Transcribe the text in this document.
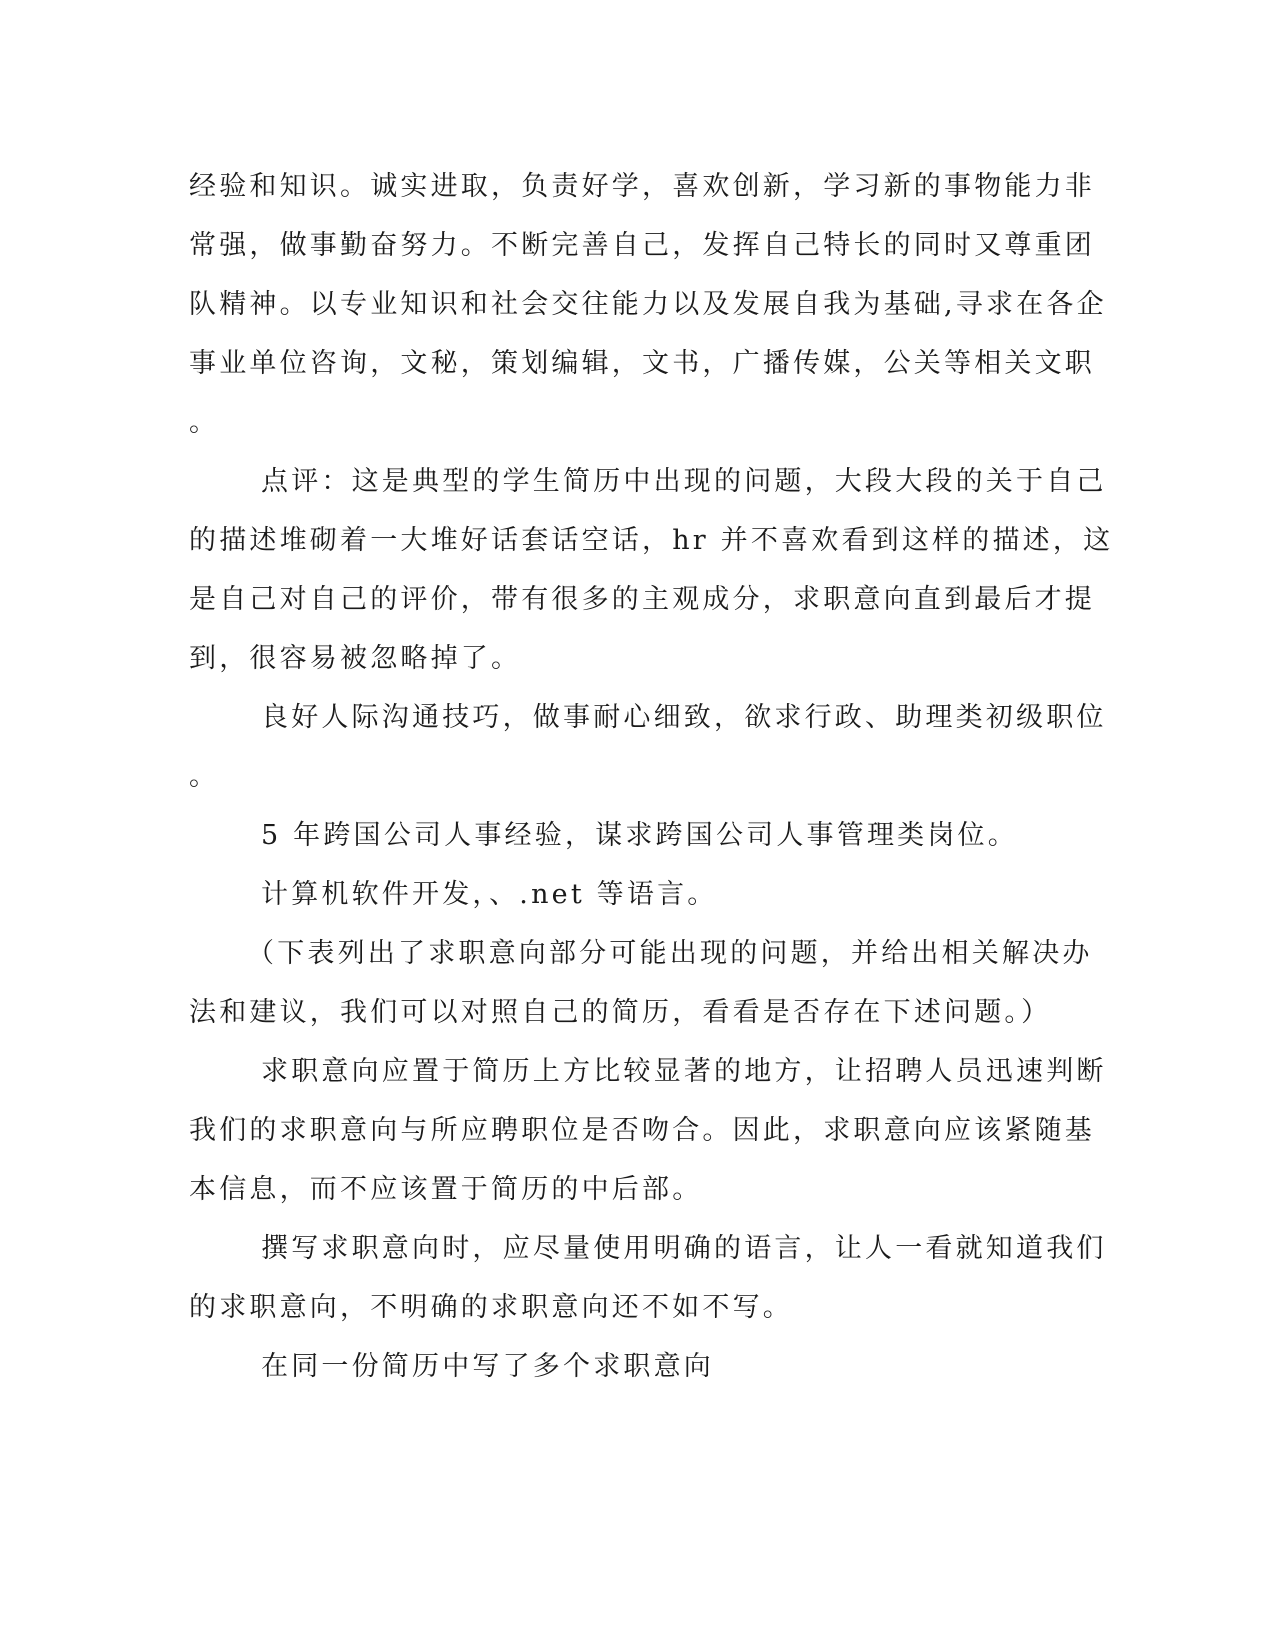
经验和知识。诚实进取，负责好学，喜欢创新，学习新的事物能力非
常强，做事勤奋努力。不断完善自己，发挥自己特长的同时又尊重团
队精神。以专业知识和社会交往能力以及发展自我为基础,寻求在各企
事业单位咨询，文秘，策划编辑，文书，广播传媒，公关等相关文职
。
点评：这是典型的学生简历中出现的问题，大段大段的关于自己
的描述堆砌着一大堆好话套话空话，hr 并不喜欢看到这样的描述，这
是自己对自己的评价，带有很多的主观成分，求职意向直到最后才提
到，很容易被忽略掉了。
良好人际沟通技巧，做事耐心细致，欲求行政、助理类初级职位
。
5 年跨国公司人事经验，谋求跨国公司人事管理类岗位。
计算机软件开发，、.net 等语言。
（下表列出了求职意向部分可能出现的问题，并给出相关解决办
法和建议，我们可以对照自己的简历，看看是否存在下述问题。）
求职意向应置于简历上方比较显著的地方，让招聘人员迅速判断
我们的求职意向与所应聘职位是否吻合。因此，求职意向应该紧随基
本信息，而不应该置于简历的中后部。
撰写求职意向时，应尽量使用明确的语言，让人一看就知道我们
的求职意向，不明确的求职意向还不如不写。
在同一份简历中写了多个求职意向
